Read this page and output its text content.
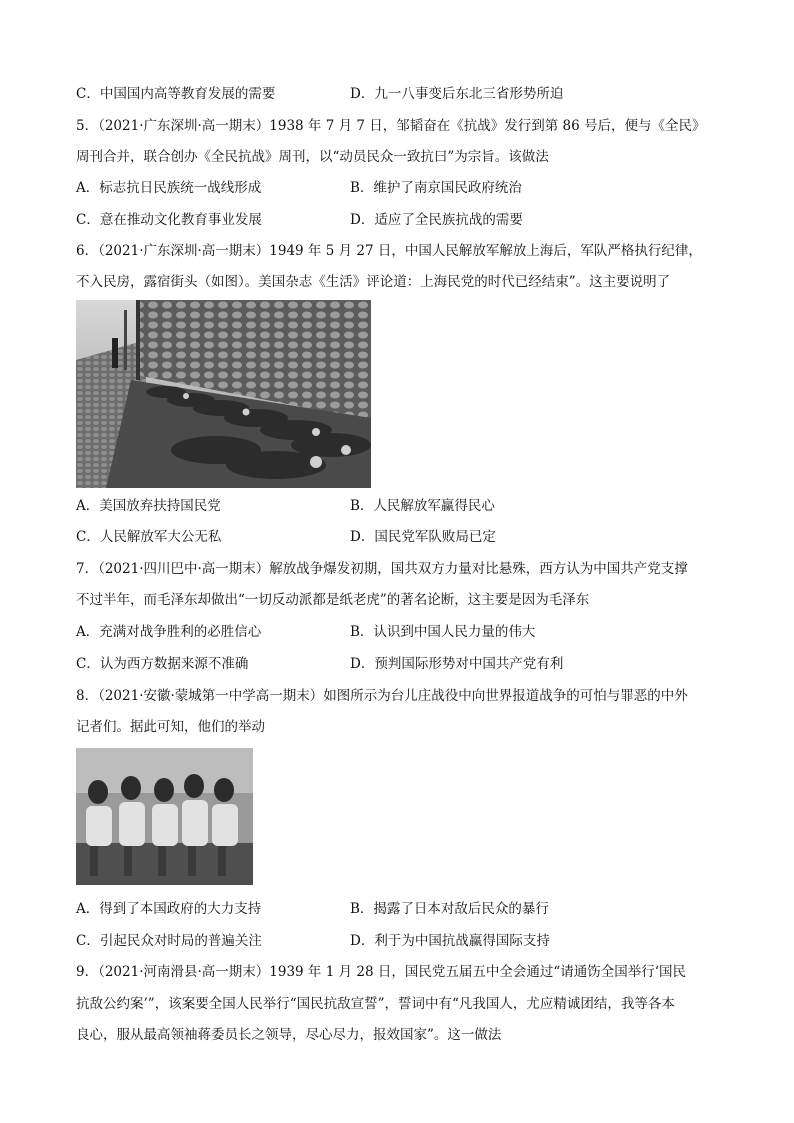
C．中国国内高等教育发展的需要	D．九一八事变后东北三省形势所迫
5．（2021·广东深圳·高一期末）1938 年 7 月 7 日，邹韬奋在《抗战》发行到第 86 号后，便与《全民》
周刊合并，联合创办《全民抗战》周刊，以“动员民众一致抗曰”为宗旨。该做法
A．标志抗日民族统一战线形成	B．维护了南京国民政府统治
C．意在推动文化教育事业发展	D．适应了全民族抗战的需要
6．（2021·广东深圳·高一期末）1949 年 5 月 27 日，中国人民解放军解放上海后，军队严格执行纪律，
不入民房，露宿街头（如图）。美国杂志《生活》评论道：上海民党的时代已经结束”。这主要说明了
A．美国放弃扶持国民党	B．人民解放军赢得民心
C．人民解放军大公无私	D．国民党军队败局已定
7．（2021·四川巴中·高一期末）解放战争爆发初期，国共双方力量对比悬殊，西方认为中国共产党支撑
不过半年，而毛泽东却做出“一切反动派都是纸老虎”的著名论断，这主要是因为毛泽东
A．充满对战争胜利的必胜信心	B．认识到中国人民力量的伟大
C．认为西方数据来源不准确	D．预判国际形势对中国共产党有利
8．（2021·安徽·蒙城第一中学高一期末）如图所示为台儿庄战役中向世界报道战争的可怕与罪恶的中外
记者们。据此可知，他们的举动
A．得到了本国政府的大力支持	B．揭露了日本对敌后民众的暴行
C．引起民众对时局的普遍关注	D．利于为中国抗战赢得国际支持
9．（2021·河南滑县·高一期末）1939 年 1 月 28 日，国民党五届五中全会通过“请通饬全国举行‘国民
抗敌公约案’”，该案要全国人民举行“国民抗敌宣誓”，誓词中有“凡我国人，尤应精诚团结，我等各本
良心，服从最高领袖蒋委员长之领导，尽心尽力，报效国家”。这一做法
